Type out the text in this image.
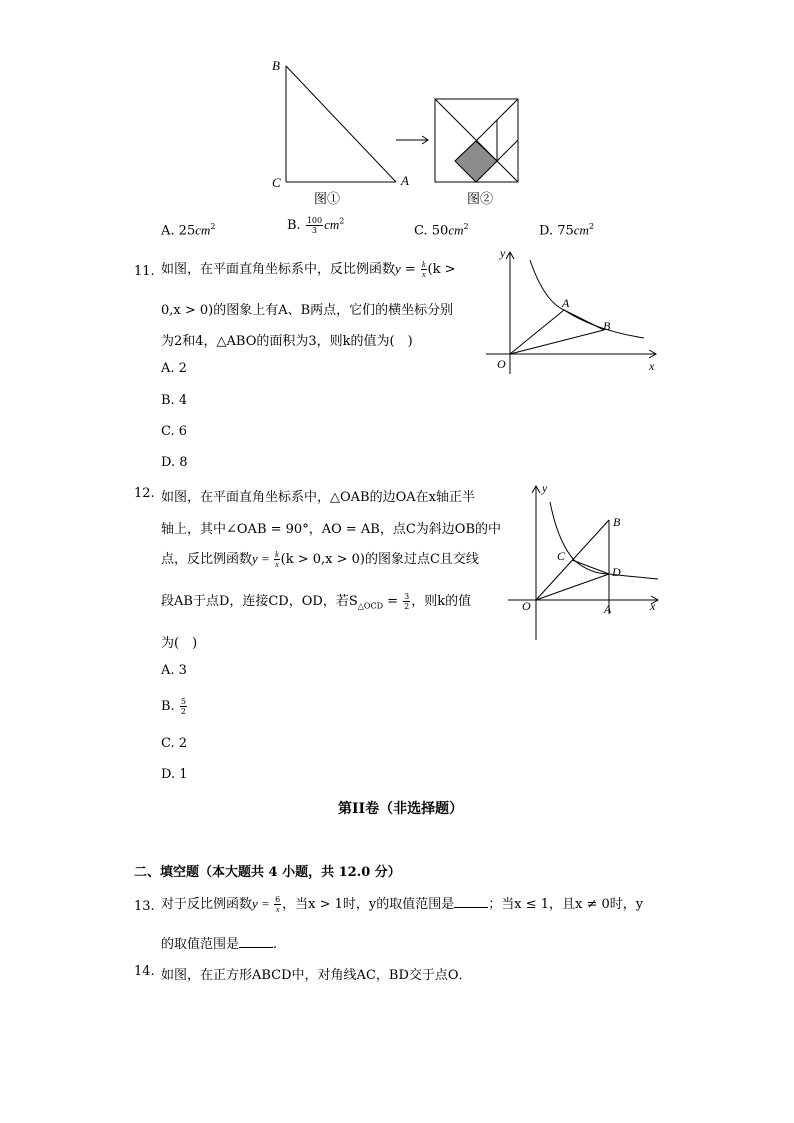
B
C	A
图①	图②
A. $25cm^2$	B. $\frac{100}{3} cm^2$
C. $50cm^2$	D. $75cm^2$
11. 如图，在平面直角坐标系中，反比例函数$y = \frac{k}{x} (k$ >
0,x > 0)的图象上有A、B两点，它们的横坐标分别
为2和4，△ABO的面积为3，则k的值为(　)
A. 2
B. 4
C. 6
D. 8
y
x
O
A
B
12. 如图，在平面直角坐标系中，△OAB的边OA在x轴正半
轴上，其中∠OAB = 90°，AO = AB，点C为斜边OB的中
点，反比例函数$y = \frac{k}{x} (k > 0,x > 0)$的图象过点C且交线
段AB于点D，连接CD，OD，若$S_{\triangle OCD} = \frac{3}{2}$ ，则k的值
为(　)
A. 3
B. $\frac{5}{2}$
C. 2
D. 1
y
x
O	A
B
C
D
第II卷（非选择题）
二、填空题（本大题共 4 小题，共 12.0 分）
13. 对于反比例函数$y = \frac{6}{x}$ ，当x > 1时，y的取值范围是	；当x ≤ 1，且x ≠ 0时，y
的取值范围是	.
14. 如图，在正方形ABCD中，对角线AC，BD交于点O．
